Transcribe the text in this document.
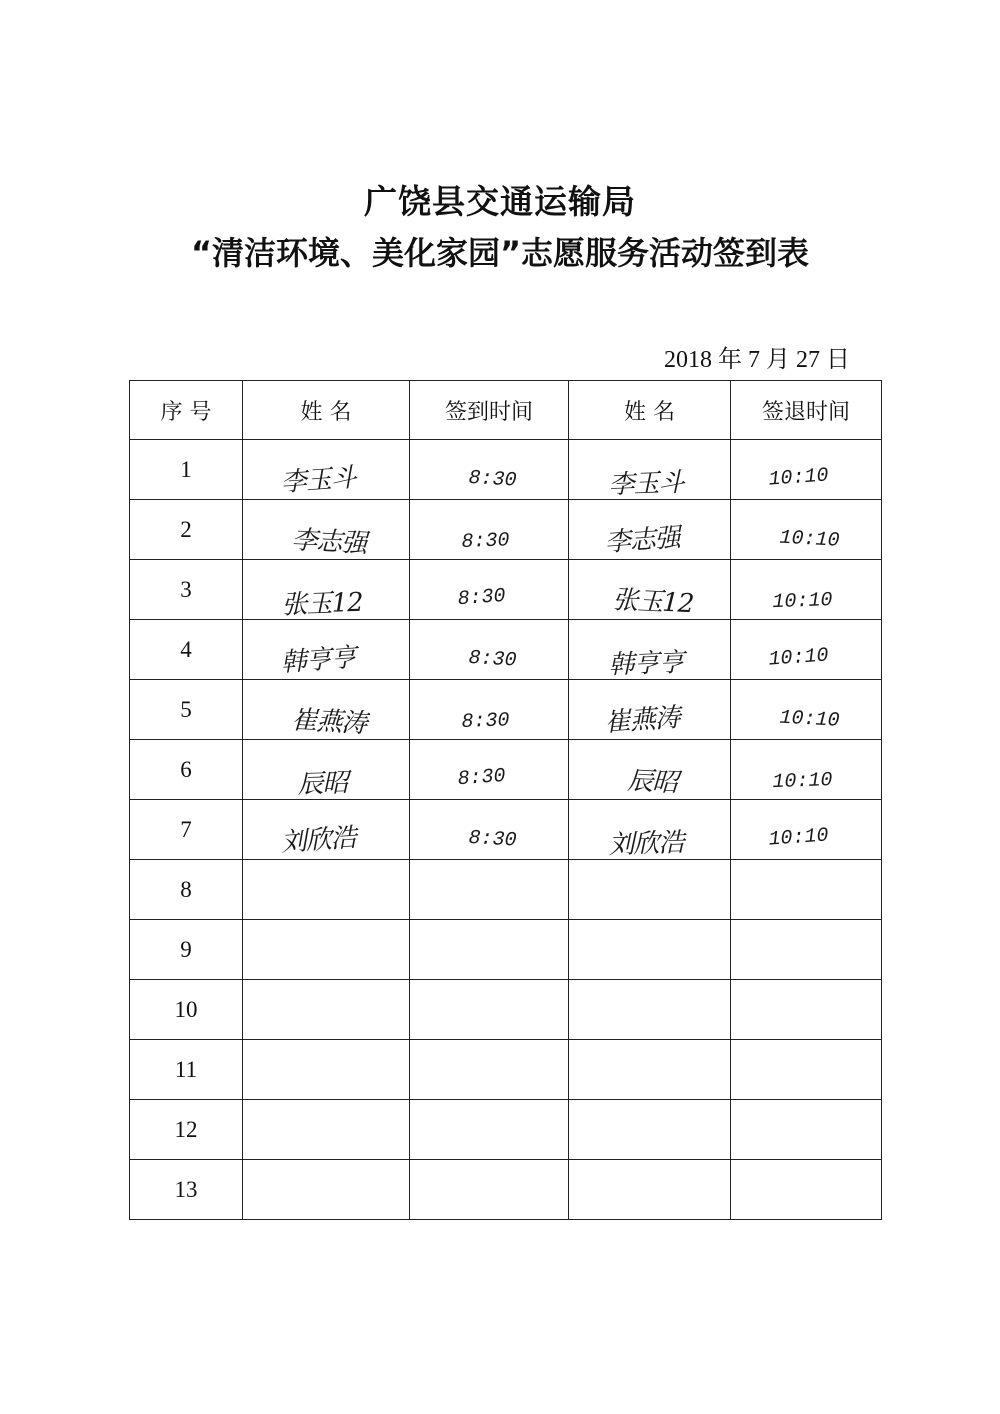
广饶县交通运输局
“清洁环境、美化家园”志愿服务活动签到表
2018 年 7 月 27 日
序 号	姓 名	签到时间	姓 名	签退时间
1	李玉斗	8:30	李玉斗	10:10
2	李志强	8:30	李志强	10:10
3	张玉12	8:30	张玉12	10:10
4	韩亨亨	8:30	韩亨亨	10:10
5	崔燕涛	8:30	崔燕涛	10:10
6	辰昭	8:30	辰昭	10:10
7	刘欣浩	8:30	刘欣浩	10:10
8				
9				
10				
11				
12				
13				
